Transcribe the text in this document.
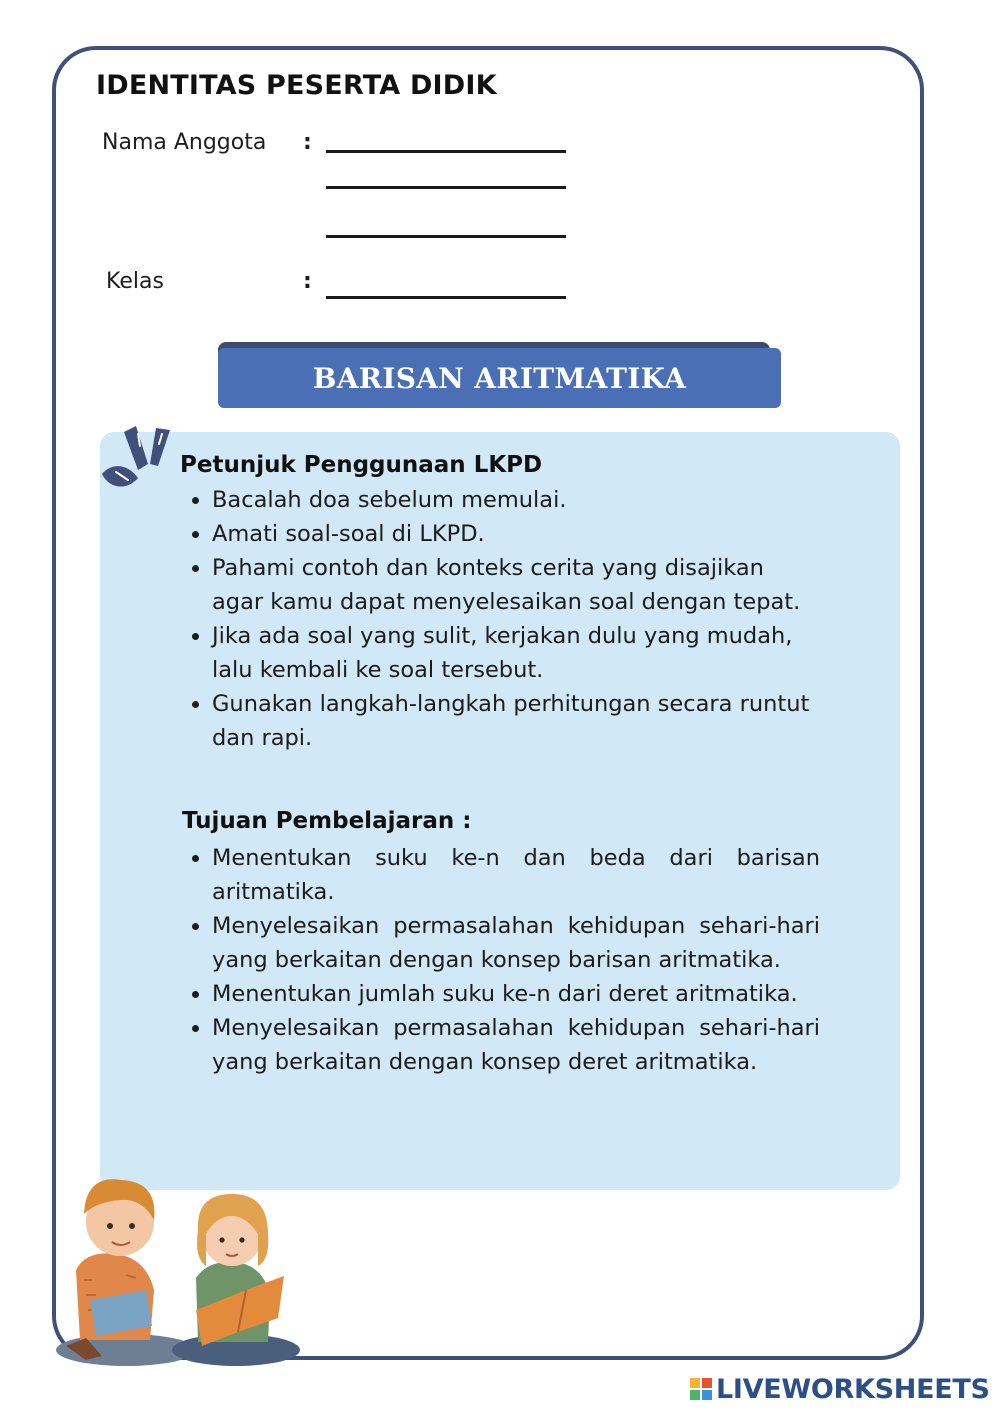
IDENTITAS PESERTA DIDIK
Nama Anggota :
Kelas	:
BARISAN ARITMATIKA
Petunjuk Penggunaan LKPD
• Bacalah doa sebelum memulai.
• Amati soal-soal di LKPD.
• Pahami contoh dan konteks cerita yang disajikan agar kamu dapat menyelesaikan soal dengan tepat.
• Jika ada soal yang sulit, kerjakan dulu yang mudah, lalu kembali ke soal tersebut.
• Gunakan langkah-langkah perhitungan secara runtut dan rapi.
Tujuan Pembelajaran :
• Menentukan suku ke-n dan beda dari barisan aritmatika.
• Menyelesaikan permasalahan kehidupan sehari-hari yang berkaitan dengan konsep barisan aritmatika.
• Menentukan jumlah suku ke-n dari deret aritmatika.
• Menyelesaikan permasalahan kehidupan sehari-hari yang berkaitan dengan konsep deret aritmatika.
LIVEWORKSHEETS
